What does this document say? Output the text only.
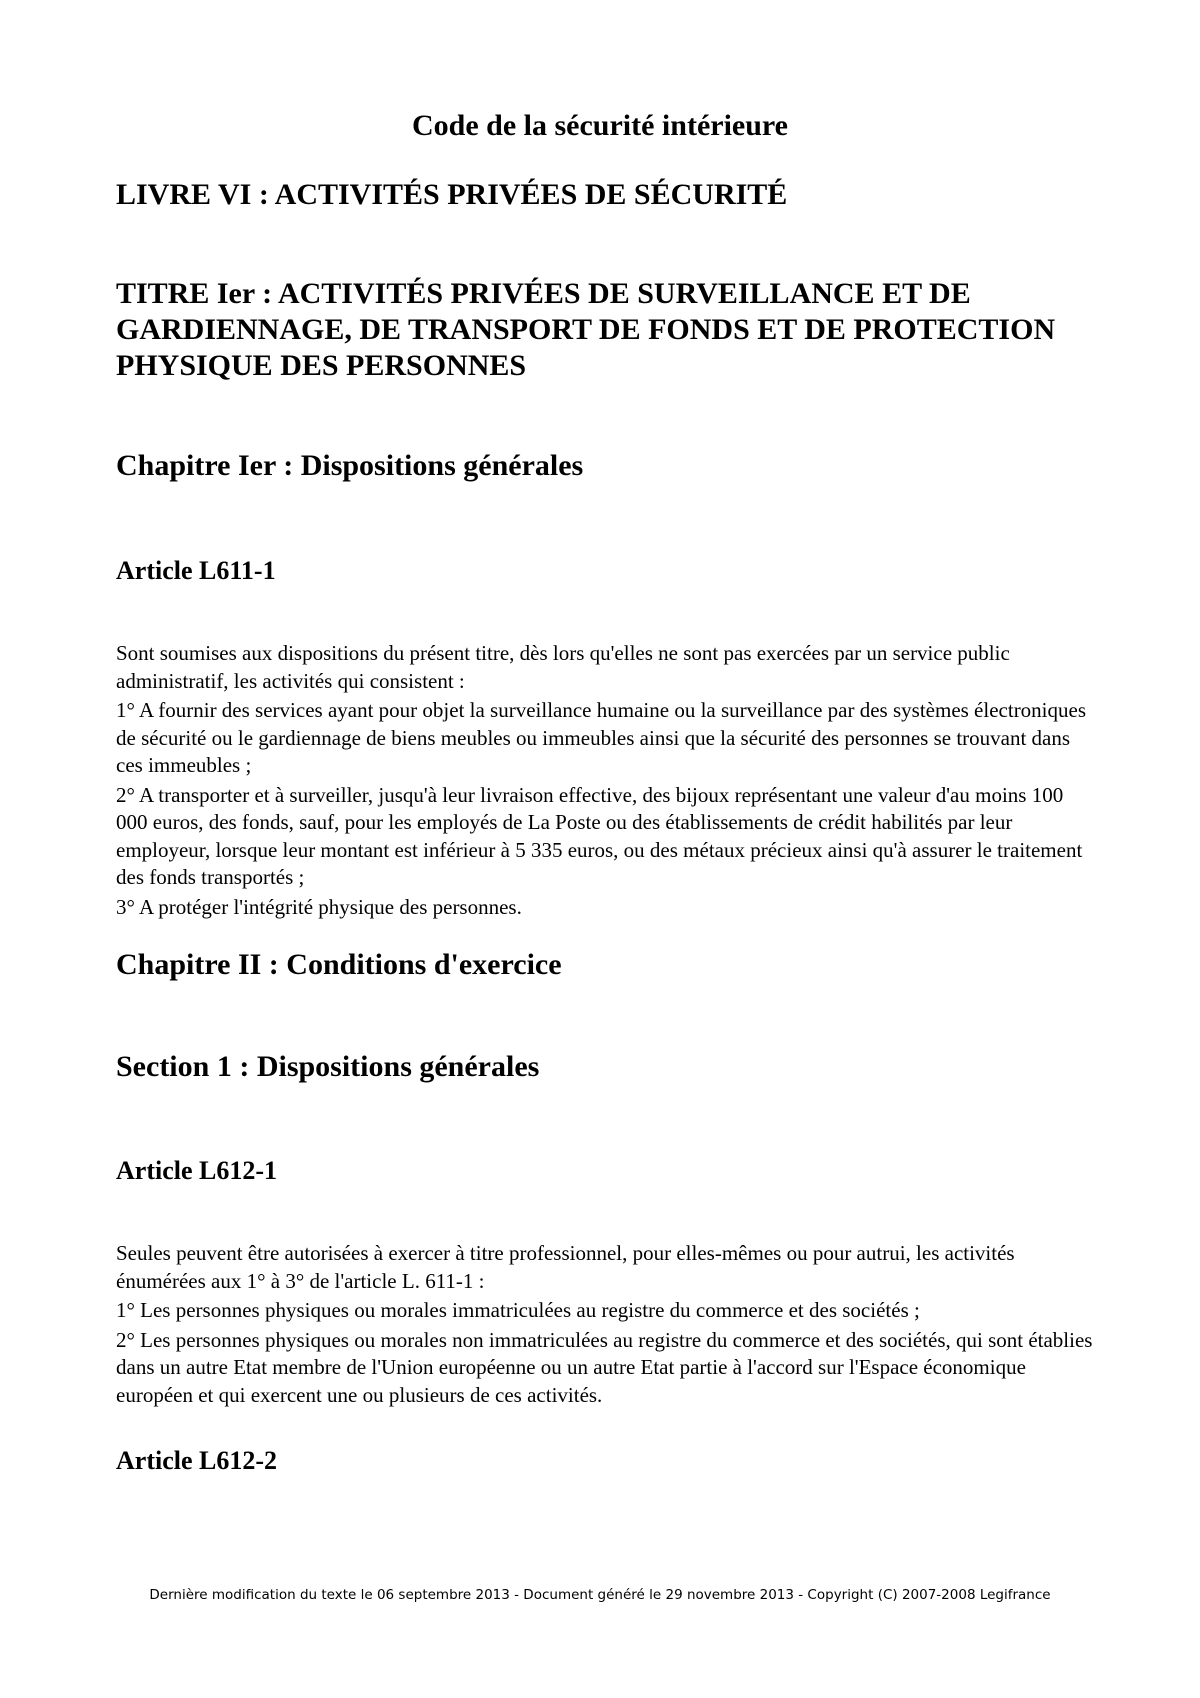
Code de la sécurité intérieure
LIVRE VI : ACTIVITÉS PRIVÉES DE SÉCURITÉ
TITRE Ier : ACTIVITÉS PRIVÉES DE SURVEILLANCE ET DE GARDIENNAGE, DE TRANSPORT DE FONDS ET DE PROTECTION PHYSIQUE DES PERSONNES
Chapitre Ier : Dispositions générales
Article L611-1

Sont soumises aux dispositions du présent titre, dès lors qu'elles ne sont pas exercées par un service public administratif, les activités qui consistent :

1° A fournir des services ayant pour objet la surveillance humaine ou la surveillance par des systèmes électroniques de sécurité ou le gardiennage de biens meubles ou immeubles ainsi que la sécurité des personnes se trouvant dans ces immeubles ;

2° A transporter et à surveiller, jusqu'à leur livraison effective, des bijoux représentant une valeur d'au moins 100 000 euros, des fonds, sauf, pour les employés de La Poste ou des établissements de crédit habilités par leur employeur, lorsque leur montant est inférieur à 5 335 euros, ou des métaux précieux ainsi qu'à assurer le traitement des fonds transportés ;

3° A protéger l'intégrité physique des personnes.

Chapitre II : Conditions d'exercice
Section 1 : Dispositions générales
Article L612-1

Seules peuvent être autorisées à exercer à titre professionnel, pour elles-mêmes ou pour autrui, les activités énumérées aux 1° à 3° de l'article L. 611-1 :

1° Les personnes physiques ou morales immatriculées au registre du commerce et des sociétés ;

2° Les personnes physiques ou morales non immatriculées au registre du commerce et des sociétés, qui sont établies dans un autre Etat membre de l'Union européenne ou un autre Etat partie à l'accord sur l'Espace économique européen et qui exercent une ou plusieurs de ces activités.

Article L612-2
Dernière modification du texte le 06 septembre 2013 - Document généré le 29 novembre 2013 - Copyright (C) 2007-2008 Legifrance
